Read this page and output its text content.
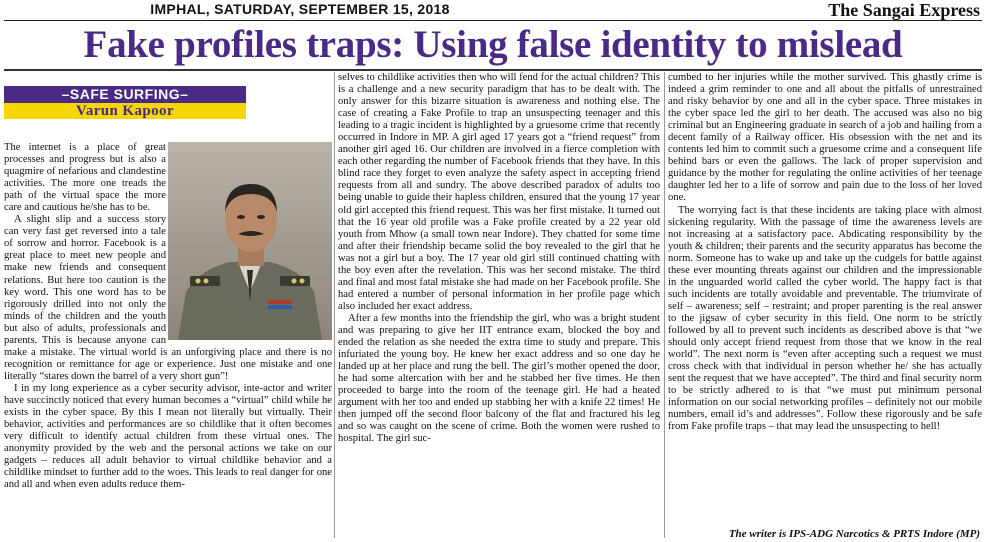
IMPHAL, SATURDAY, SEPTEMBER 15, 2018	The Sangai Express
Fake profiles traps: Using false identity to mislead
–SAFE SURFING–
Varun Kapoor

The internet is a place of great processes and progress but is also a quagmire of nefarious and clandestine activities. The more one treads the path of the virtual space the more care and cautious he/she has to be.

A slight slip and a success story can very fast get reversed into a tale of sorrow and horror. Facebook is a great place to meet new people and make new friends and consequent relations. But here too caution is the key word. This one word has to be rigorously drilled into not only the minds of the children and the youth but also of adults, professionals and parents. This is because anyone can make a mistake. The virtual world is an unforgiving place and there is no recognition or remittance for age or experience. Just one mistake and one literally “stares down the barrel of a very short gun”!

I in my long experience as a cyber security advisor, inte-actor and writer have succinctly noticed that every human becomes a “virtual” child while he exists in the cyber space. By this I mean not literally but virtually. Their behavior, activities and performances are so childlike that it often becomes very difficult to identify actual children from these virtual ones. The anonymity provided by the web and the personal actions we take on our gadgets – reduces all adult behavior to virtual childlike behavior and a childlike mindset to further add to the woes. This leads to real danger for one and all and when even adults reduce them-

selves to childlike activities then who will fend for the actual children? This is a challenge and a new security paradigm that has to be dealt with. The only answer for this bizarre situation is awareness and nothing else. The case of creating a Fake Profile to trap an unsuspecting teenager and this leading to a tragic incident is highlighted by a gruesome crime that recently occurred in Indore in MP. A girl aged 17 years got a “friend request” from another girl aged 16. Our children are involved in a fierce completion with each other regarding the number of Facebook friends that they have. In this blind race they forget to even analyze the safety aspect in accepting friend requests from all and sundry. The above described paradox of adults too being unable to guide their hapless children, ensured that the young 17 year old girl accepted this friend request. This was her first mistake. It turned out that the 16 year old profile was a Fake profile created by a 22 year old youth from Mhow (a small town near Indore). They chatted for some time and after their friendship became solid the boy revealed to the girl that he was not a girl but a boy. The 17 year old girl still continued chatting with the boy even after the revelation. This was her second mistake. The third and final and most fatal mistake she had made on her Facebook profile. She had entered a number of personal information in her profile page which also included her exact address.

After a few months into the friendship the girl, who was a bright student and was preparing to give her IIT entrance exam, blocked the boy and ended the relation as she needed the extra time to study and prepare. This infuriated the young boy. He knew her exact address and so one day he landed up at her place and rung the bell. The girl’s mother opened the door, he had some altercation with her and he stabbed her five times. He then proceeded to barge into the room of the teenage girl. He had a heated argument with her too and ended up stabbing her with a knife 22 times! He then jumped off the second floor balcony of the flat and fractured his leg and so was caught on the scene of crime. Both the women were rushed to hospital. The girl suc-

cumbed to her injuries while the mother survived. This ghastly crime is indeed a grim reminder to one and all about the pitfalls of unrestrained and risky behavior by one and all in the cyber space. Three mistakes in the cyber space led the girl to her death. The accused was also no big criminal but an Engineering graduate in search of a job and hailing from a decent family of a Railway officer. His obsession with the net and its contents led him to commit such a gruesome crime and a consequent life behind bars or even the gallows. The lack of proper supervision and guidance by the mother for regulating the online activities of her teenage daughter led her to a life of sorrow and pain due to the loss of her loved one.

The worrying fact is that these incidents are taking place with almost sickening regularity. With the passage of time the awareness levels are not increasing at a satisfactory pace. Abdicating responsibility by the youth & children; their parents and the security apparatus has become the norm. Someone has to wake up and take up the cudgels for battle against these ever mounting threats against our children and the impressionable in the unguarded world called the cyber world. The happy fact is that such incidents are totally avoidable and preventable. The triumvirate of self – awareness; self – restraint; and proper parenting is the real answer to the jigsaw of cyber security in this field. One norm to be strictly followed by all to prevent such incidents as described above is that “we should only accept friend request from those that we know in the real world”. The next norm is “even after accepting such a request we must cross check with that individual in person whether he/ she has actually sent the request that we have accepted”. The third and final security norm to be strictly adhered to is that “we must put minimum personal information on our social networking profiles – definitely not our mobile numbers, email id’s and addresses”. Follow these rigorously and be safe from Fake profile traps – that may lead the unsuspecting to hell!

The writer is IPS-ADG Narcotics & PRTS Indore (MP)
